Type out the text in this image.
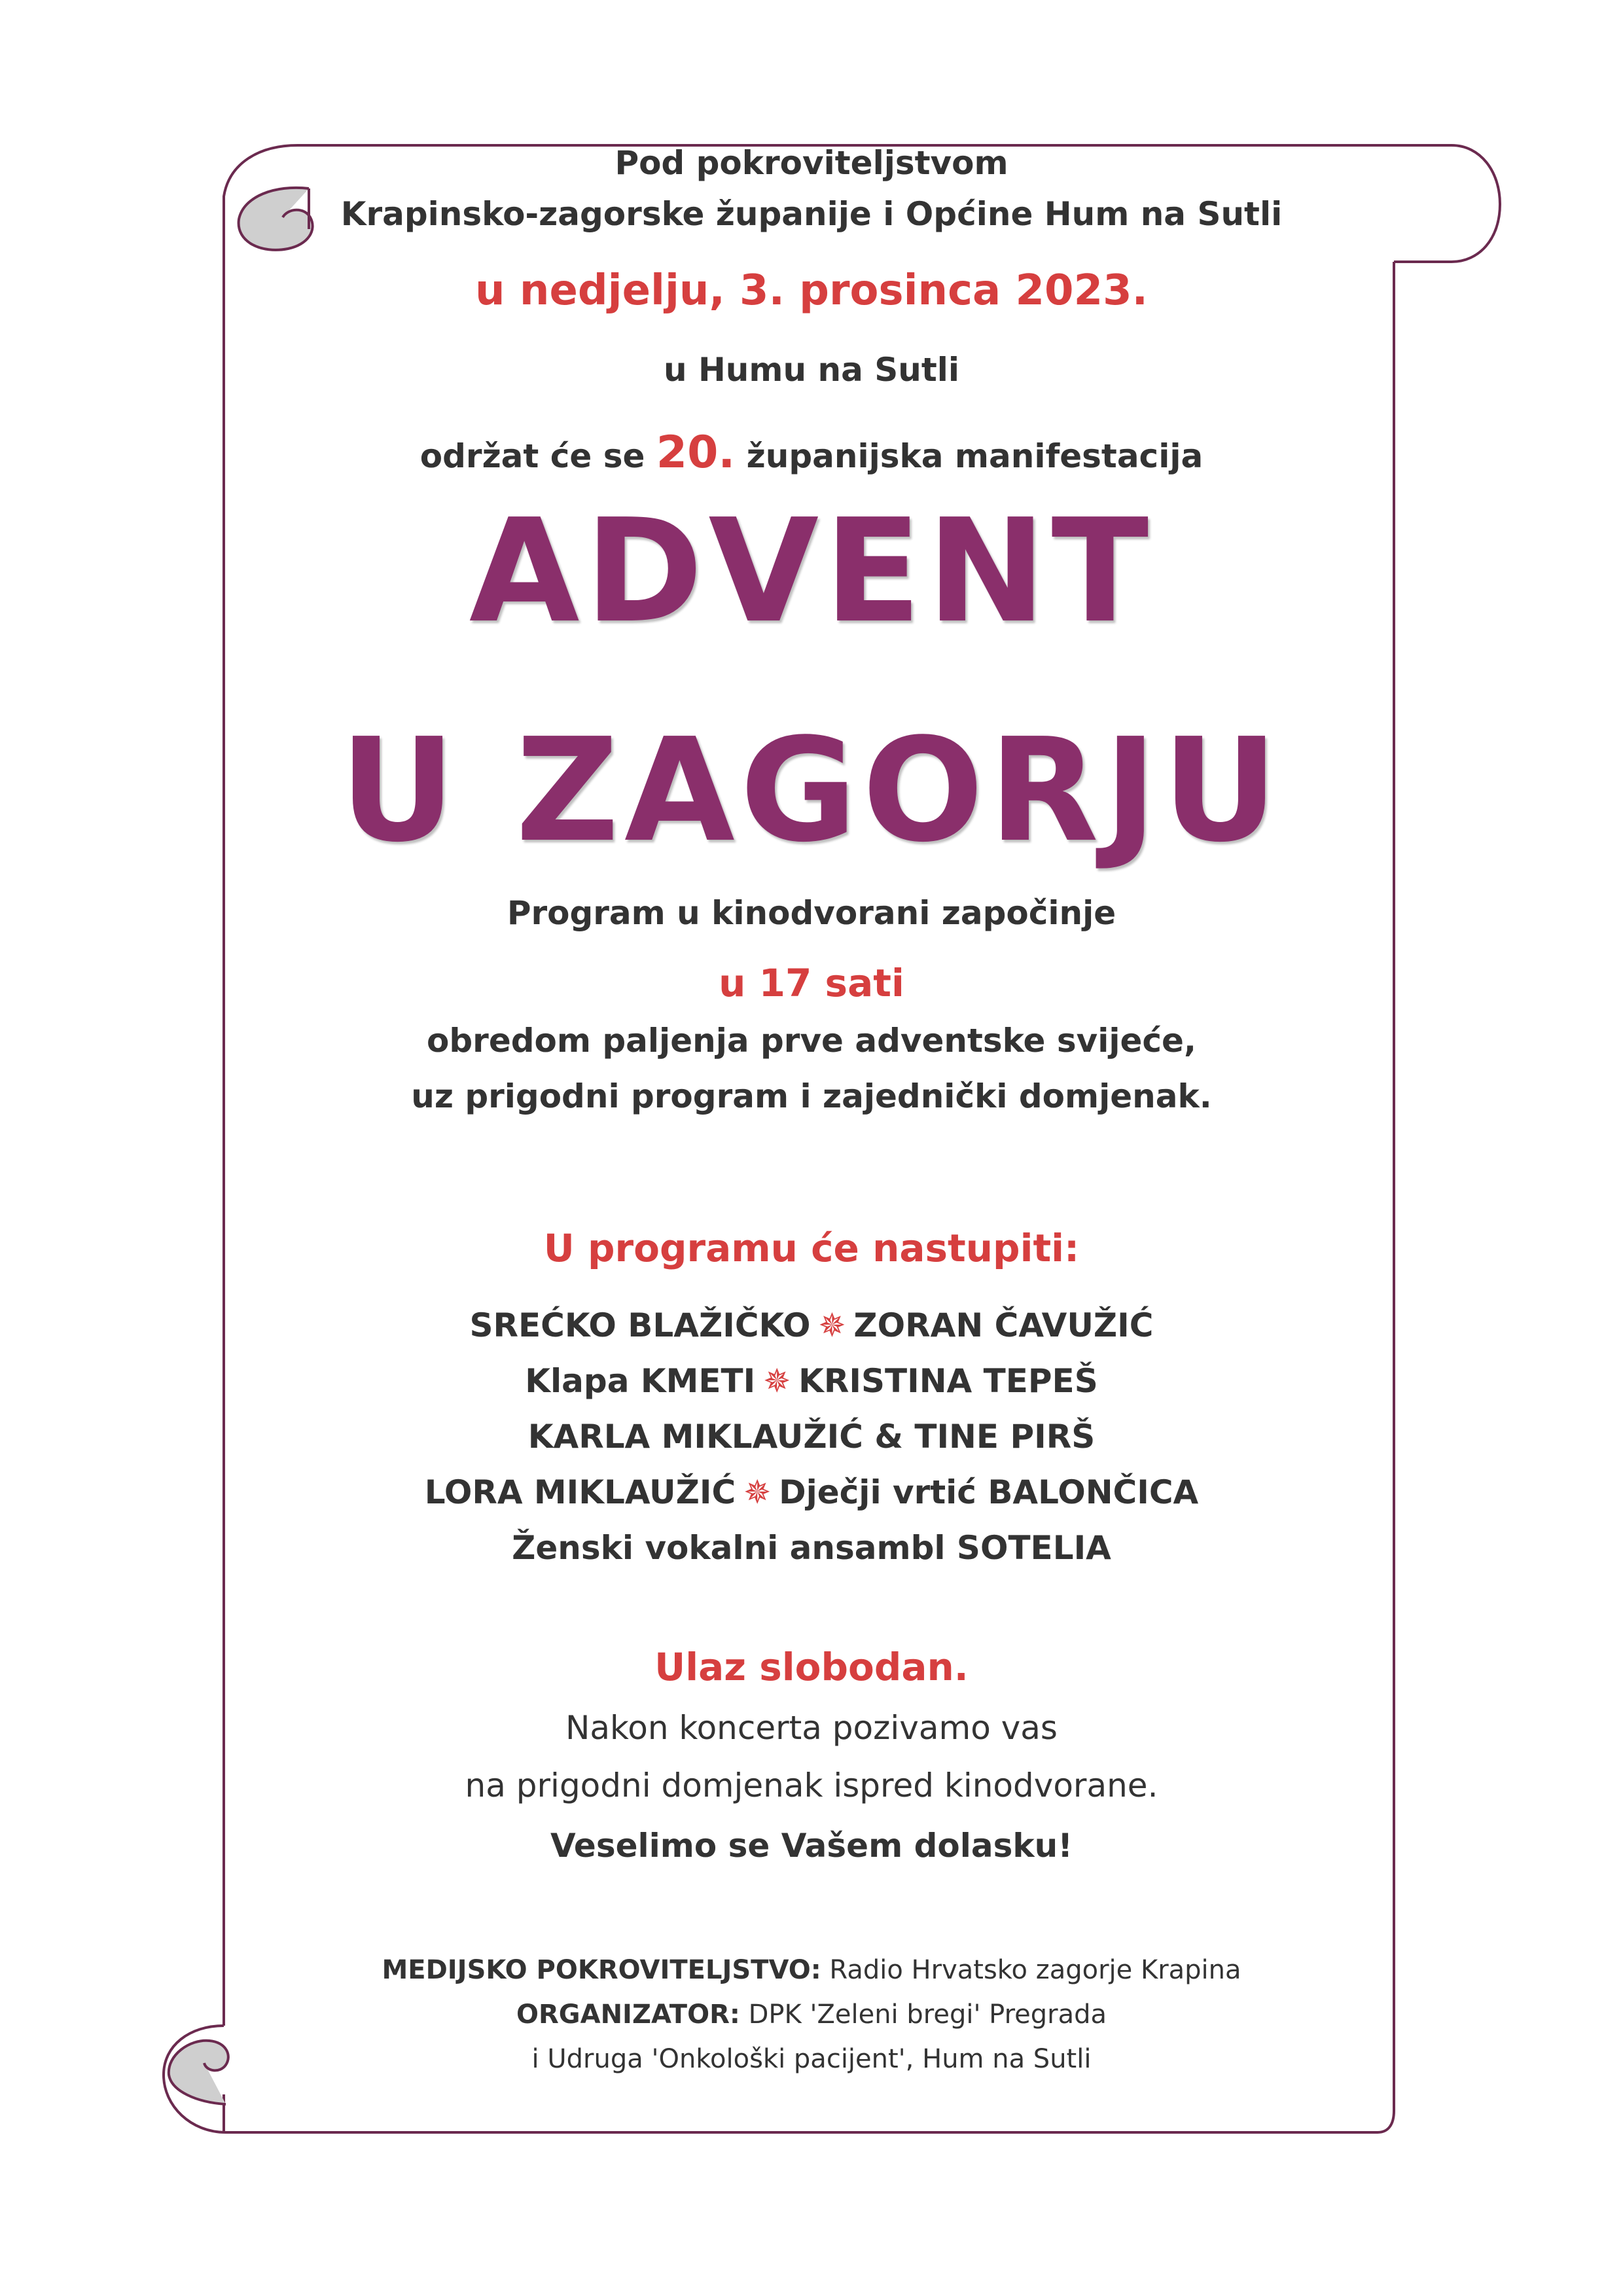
Pod pokroviteljstvom
Krapinsko-zagorske županije i Općine Hum na Sutli
u nedjelju, 3. prosinca 2023.
u Humu na Sutli
održat će se 20. županijska manifestacija
ADVENT
U ZAGORJU
Program u kinodvorani započinje
u 17 sati
obredom paljenja prve adventske svijeće,
uz prigodni program i zajednički domjenak.
U programu će nastupiti:
SREĆKO BLAŽIČKO ✵ ZORAN ČAVUŽIĆ
Klapa KMETI ✵ KRISTINA TEPEŠ
KARLA MIKLAUŽIĆ & TINE PIRŠ
LORA MIKLAUŽIĆ ✵ Dječji vrtić BALONČICA
Ženski vokalni ansambl SOTELIA
Ulaz slobodan.
Nakon koncerta pozivamo vas
na prigodni domjenak ispred kinodvorane.
Veselimo se Vašem dolasku!
MEDIJSKO POKROVITELJSTVO: Radio Hrvatsko zagorje Krapina
ORGANIZATOR: DPK 'Zeleni bregi' Pregrada
i Udruga 'Onkološki pacijent', Hum na Sutli
